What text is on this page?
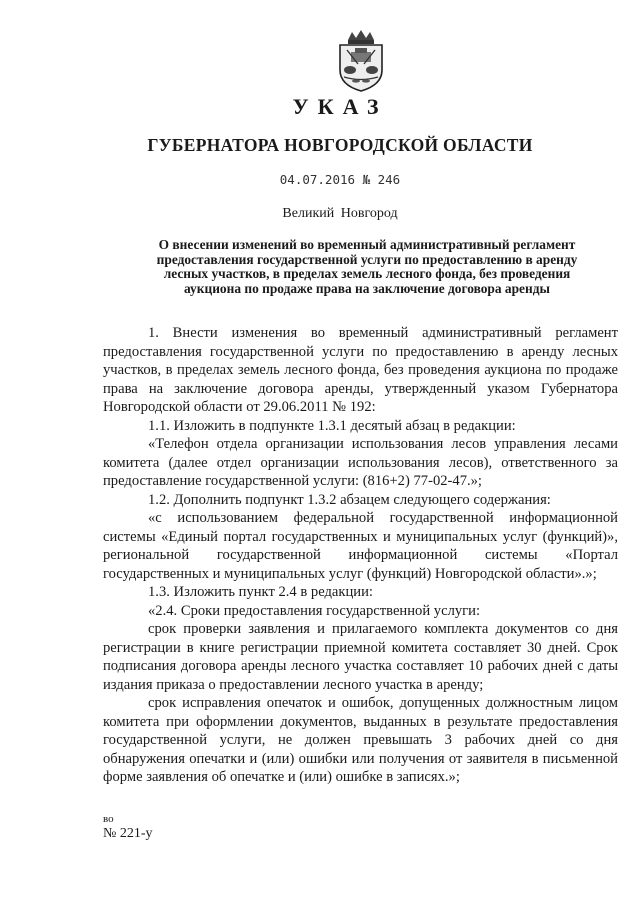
УКАЗ
ГУБЕРНАТОРА НОВГОРОДСКОЙ ОБЛАСТИ
04.07.2016 № 246
Великий Новгород
О внесении изменений во временный административный регламент
предоставления государственной услуги по предоставлению в аренду
лесных участков, в пределах земель лесного фонда, без проведения
аукциона по продаже права на заключение договора аренды

1. Внести изменения во временный административный регламент предоставления государственной услуги по предоставлению в аренду лесных участков, в пределах земель лесного фонда, без проведения аукциона по продаже права на заключение договора аренды, утвержденный указом Губернатора Новгородской области от 29.06.2011 № 192:

1.1. Изложить в подпункте 1.3.1 десятый абзац в редакции:

«Телефон отдела организации использования лесов управления лесами комитета (далее отдел организации использования лесов), ответственного за предоставление государственной услуги: (816+2) 77-02-47.»;

1.2. Дополнить подпункт 1.3.2 абзацем следующего содержания:

«с использованием федеральной государственной информационной системы «Единый портал государственных и муниципальных услуг (функций)», региональной государственной информационной системы «Портал государственных и муниципальных услуг (функций) Новгородской области».»;

1.3. Изложить пункт 2.4 в редакции:

«2.4. Сроки предоставления государственной услуги:

срок проверки заявления и прилагаемого комплекта документов со дня регистрации в книге регистрации приемной комитета составляет 30 дней. Срок подписания договора аренды лесного участка составляет 10 рабочих дней с даты издания приказа о предоставлении лесного участка в аренду;

срок исправления опечаток и ошибок, допущенных должностным лицом комитета при оформлении документов, выданных в результате предоставления государственной услуги, не должен превышать 3 рабочих дней со дня обнаружения опечатки и (или) ошибки или получения от заявителя в письменной форме заявления об опечатке и (или) ошибке в записях.»;

во
№ 221-у
